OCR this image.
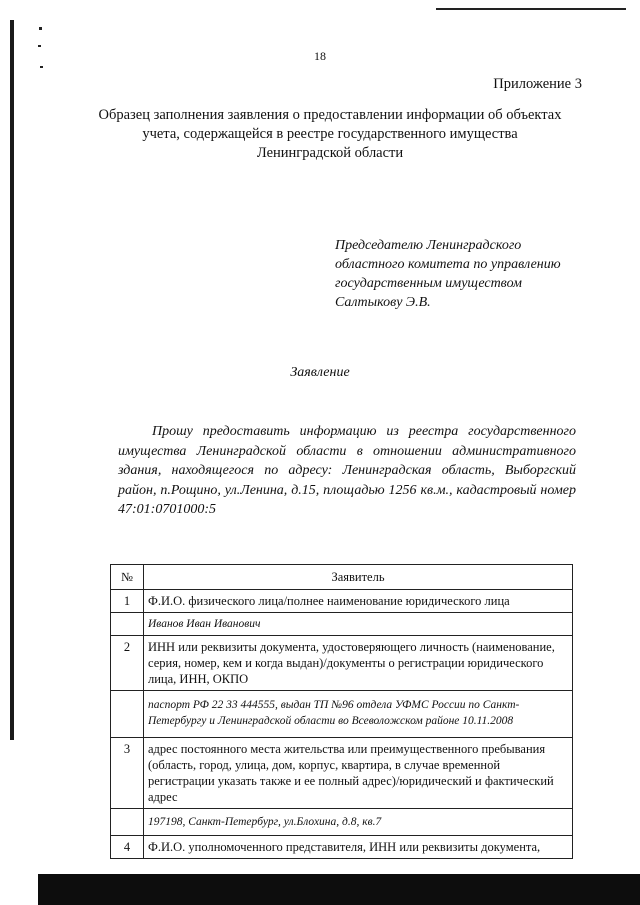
18
Приложение 3
Образец заполнения заявления о предоставлении информации об объектах учета, содержащейся в реестре государственного имущества Ленинградской области
Председателю Ленинградского
областного комитета по управлению
государственным имуществом
Салтыкову Э.В.
Заявление
Прошу предоставить информацию из реестра государственного имущества Ленинградской области в отношении административного здания, находящегося по адресу: Ленинградская область, Выборгский район, п.Рощино, ул.Ленина, д.15, площадью 1256 кв.м., кадастровый номер 47:01:0701000:5
№	Заявитель
1	Ф.И.О. физического лица/полнее наименование юридического лица
	Иванов Иван Иванович
2	ИНН или реквизиты документа, удостоверяющего личность (наименование, серия, номер, кем и когда выдан)/документы о регистрации юридического лица, ИНН, ОКПО
	паспорт РФ 22 33 444555, выдан ТП №96 отдела УФМС России по Санкт-Петербургу и Ленинградской области во Всеволожском районе 10.11.2008
3	адрес постоянного места жительства или преимущественного пребывания (область, город, улица, дом, корпус, квартира, в случае временной регистрации указать также и ее полный адрес)/юридический и фактический адрес
	197198, Санкт-Петербург, ул.Блохина, д.8, кв.7
4	Ф.И.О. уполномоченного представителя, ИНН или реквизиты документа,
